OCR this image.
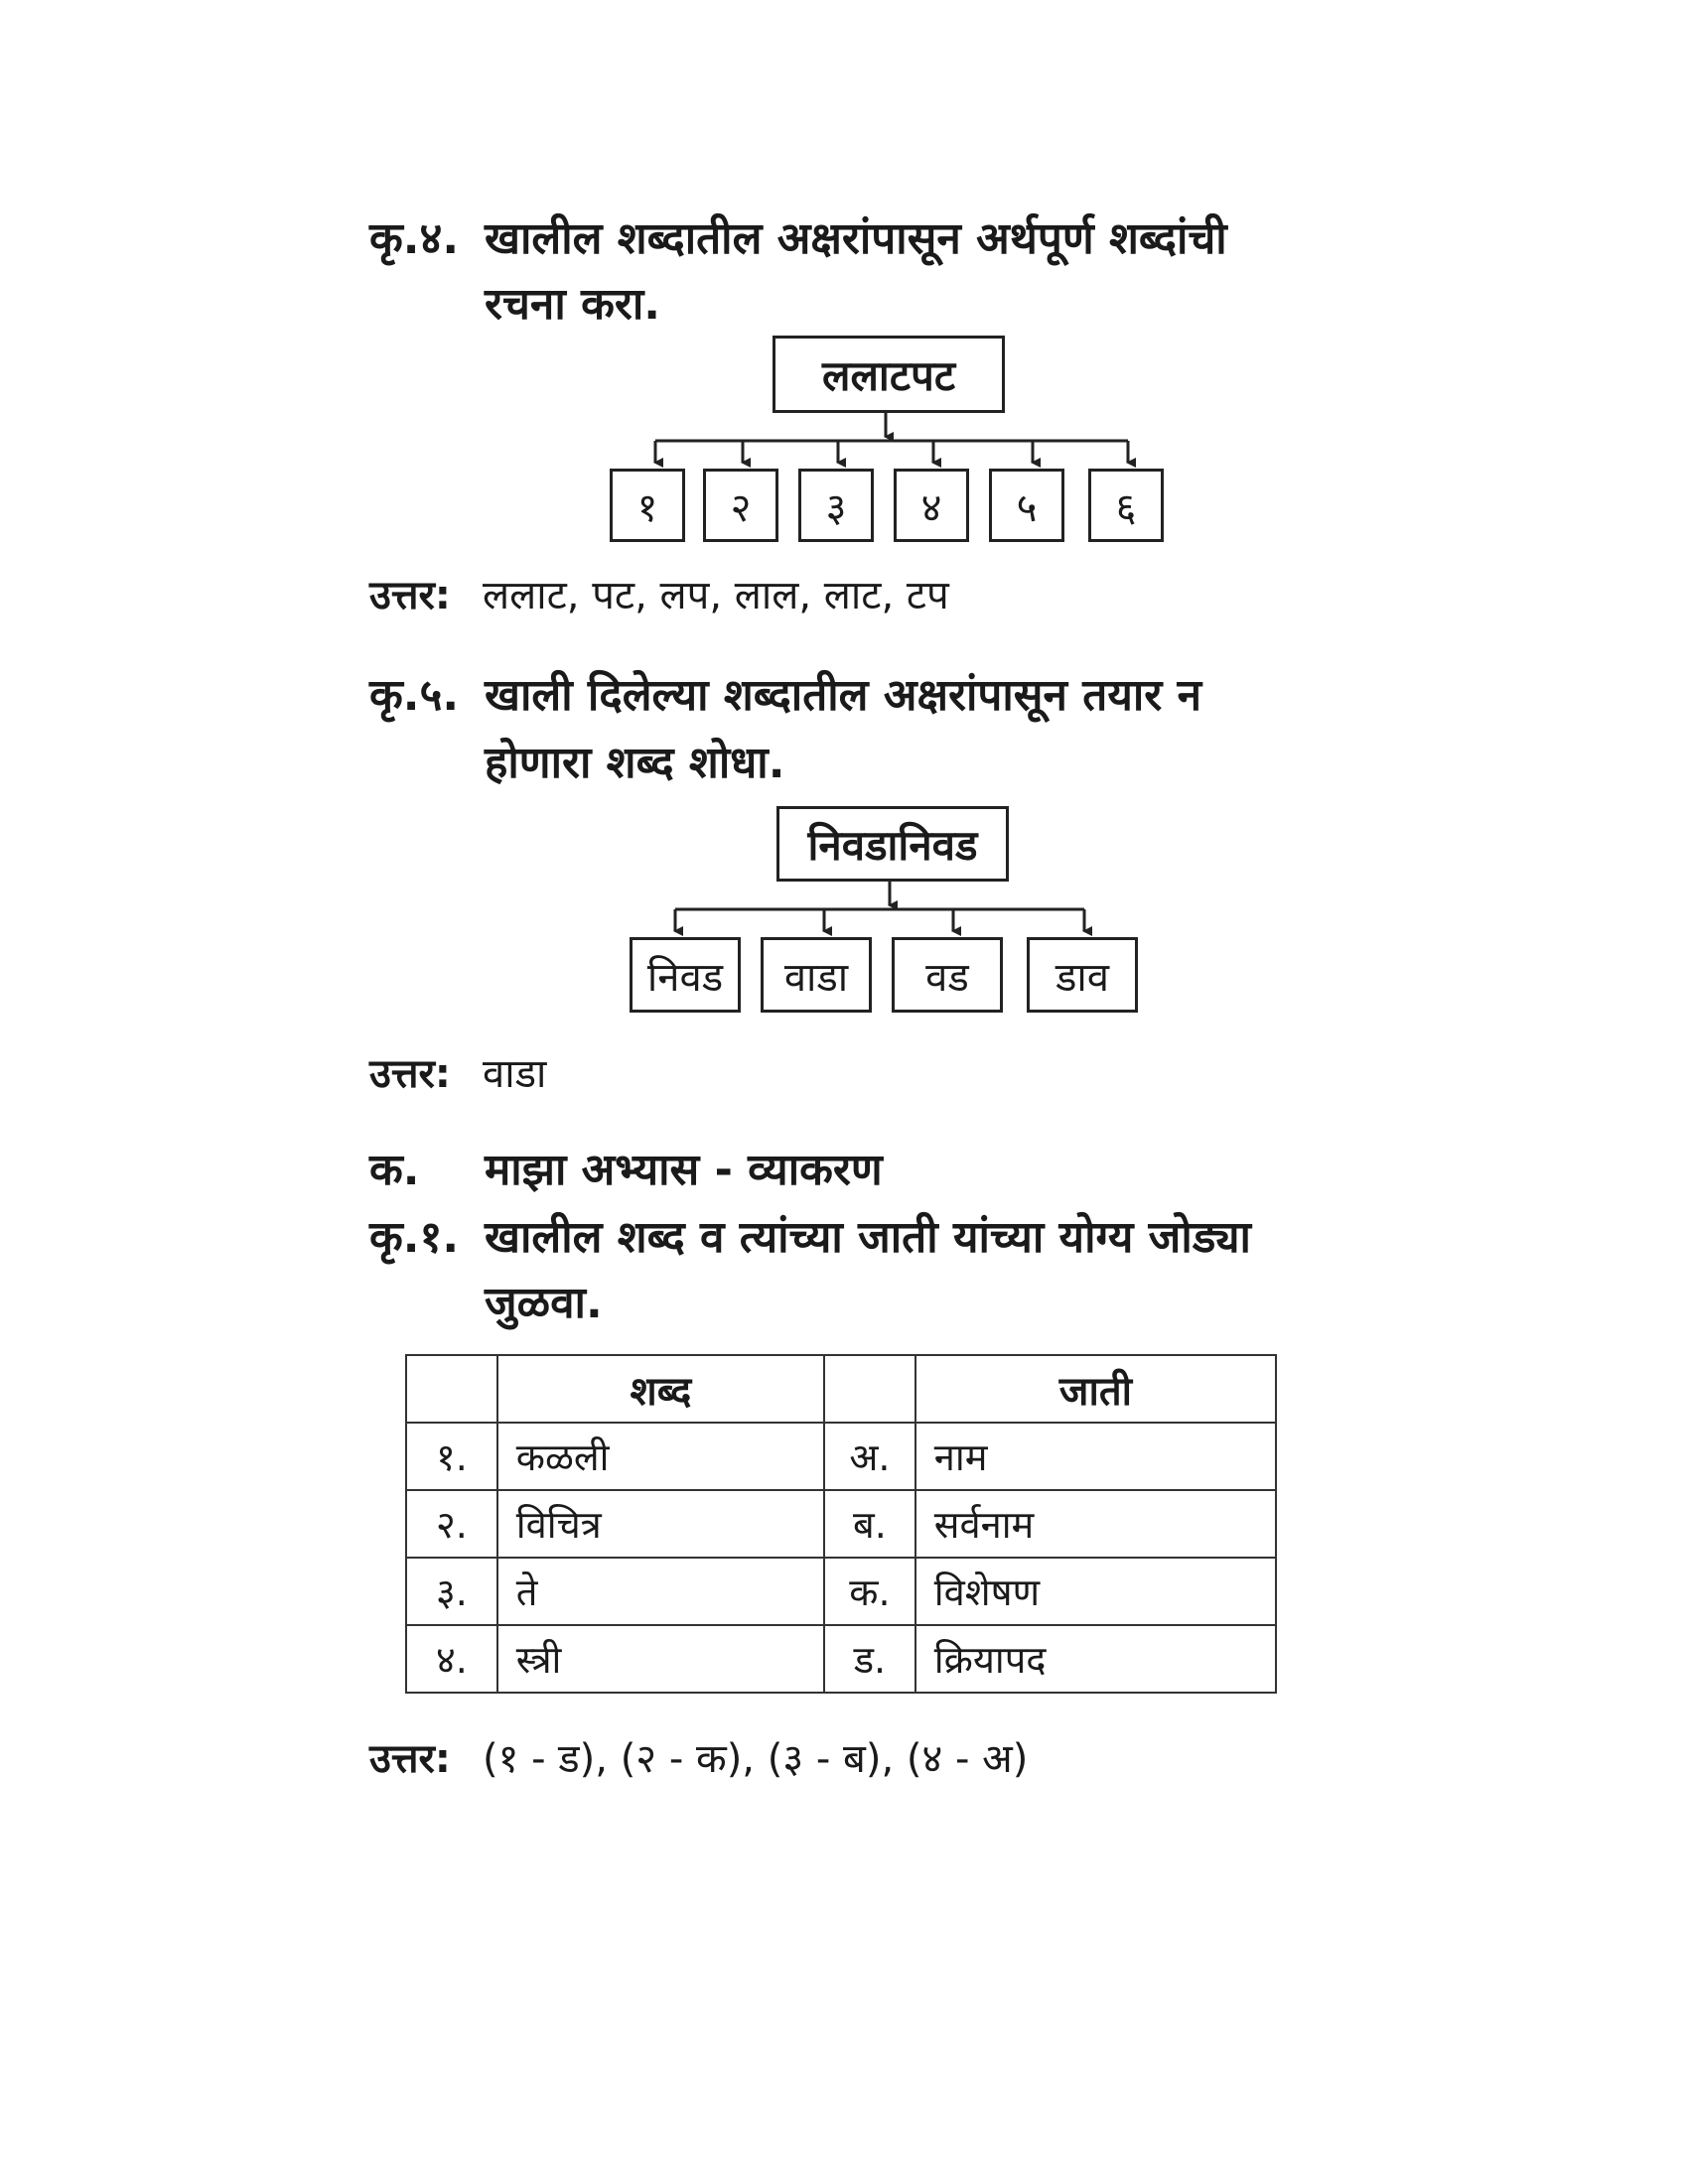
कृ.४. खालील शब्दातील अक्षरांपासून अर्थपूर्ण शब्दांची
रचना करा.
ललाटपट
१	२	३	४	५	६
उत्तर: ललाट, पट, लप, लाल, लाट, टप
कृ.५. खाली दिलेल्या शब्दातील अक्षरांपासून तयार न
होणारा शब्द शोधा.
निवडानिवड
निवड	वाडा	वड	डाव
उत्तर: वाडा
क. माझा अभ्यास - व्याकरण
कृ.१. खालील शब्द व त्यांच्या जाती यांच्या योग्य जोड्या
जुळवा.
	शब्द		जाती
१.	कळली	अ.	नाम
२.	विचित्र	ब.	सर्वनाम
३.	ते	क.	विशेषण
४.	स्त्री	ड.	क्रियापद
उत्तर: (१ - ड), (२ - क), (३ - ब), (४ - अ)
